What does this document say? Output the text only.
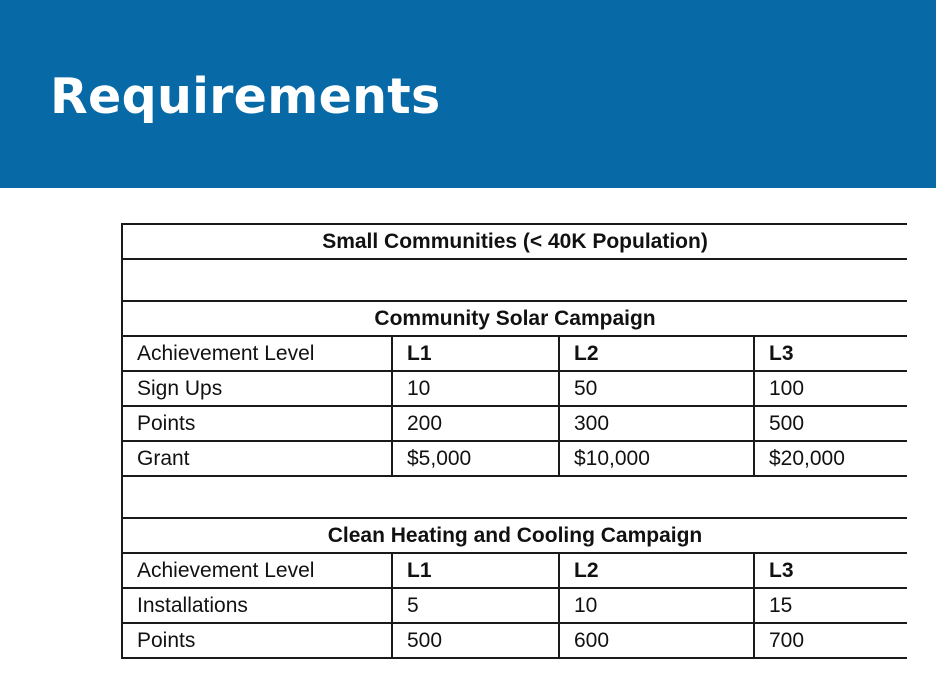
Requirements
Small Communities (< 40K Population)			

Community Solar Campaign			
Achievement Level	L1	L2	L3
Sign Ups	10	50	100
Points	200	300	500
Grant	$5,000	$10,000	$20,000

Clean Heating and Cooling Campaign			
Achievement Level	L1	L2	L3
Installations	5	10	15
Points	500	600	700
